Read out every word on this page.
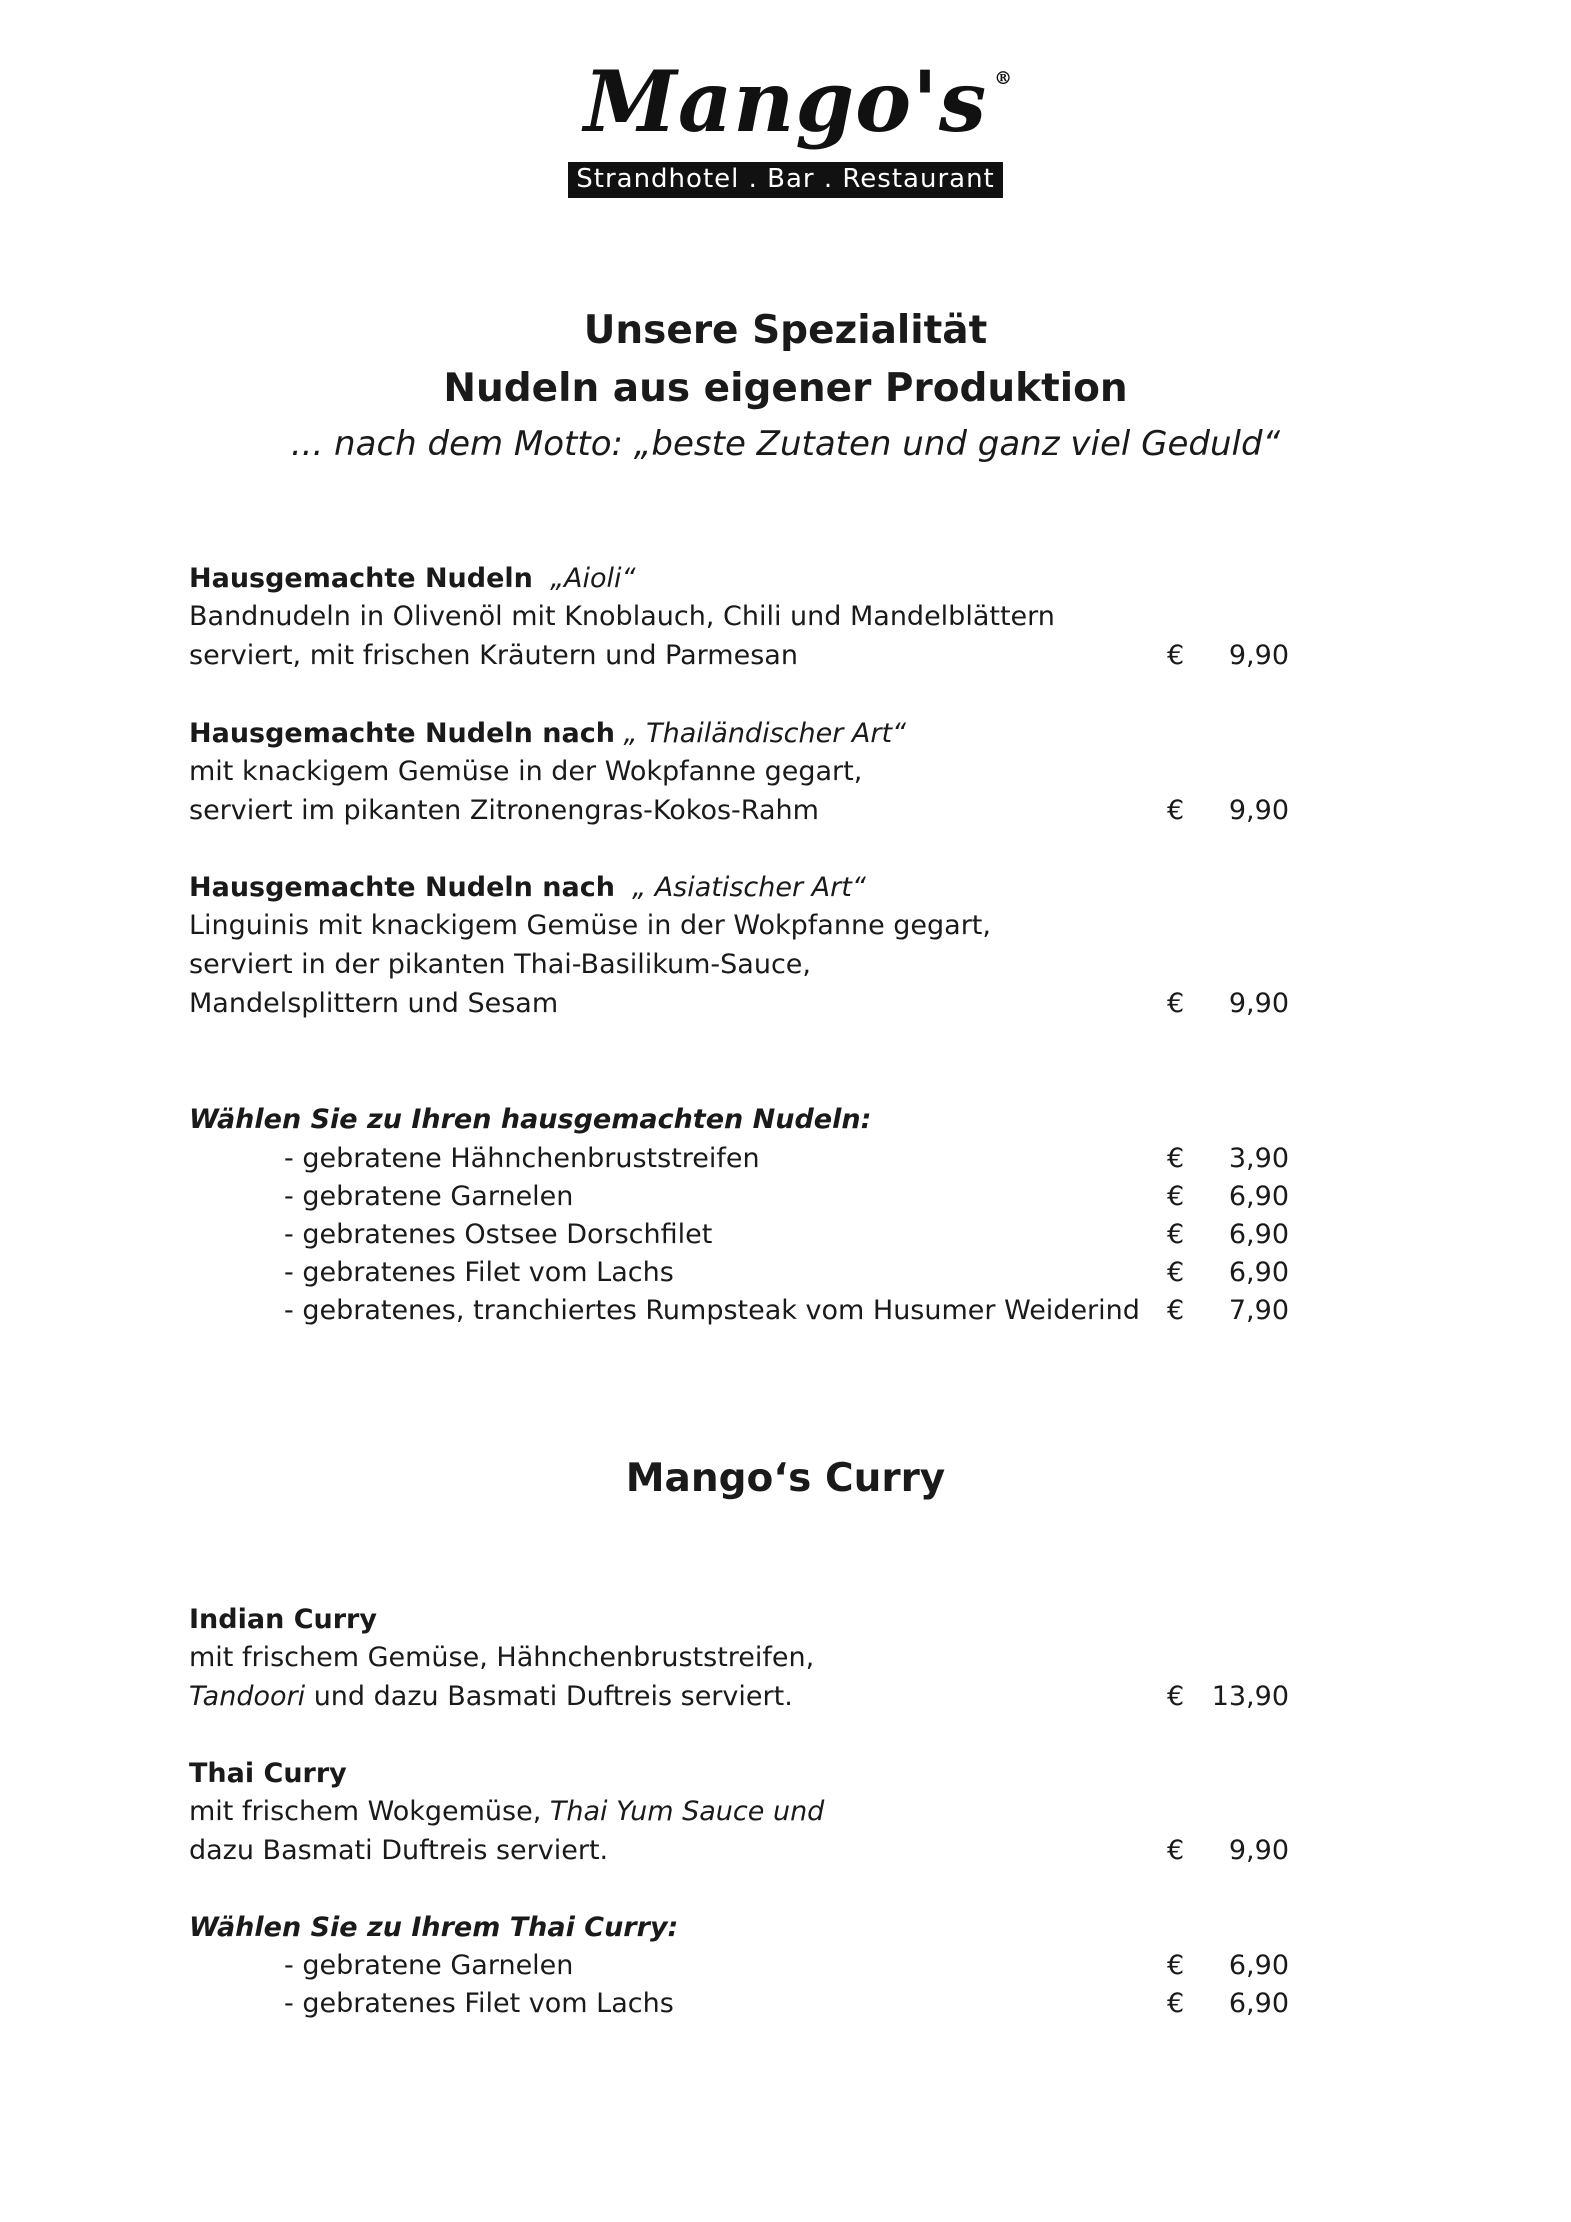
Mango's ®

Strandhotel . Bar . Restaurant
Unsere Spezialität
Nudeln aus eigener Produktion
... nach dem Motto: „beste Zutaten und ganz viel Geduld“
Hausgemachte Nudeln „Aioli“
Bandnudeln in Olivenöl mit Knoblauch, Chili und Mandelblättern
serviert, mit frischen Kräutern und Parmesan	€	9,90
Hausgemachte Nudeln nach „ Thailändischer Art“
mit knackigem Gemüse in der Wokpfanne gegart,
serviert im pikanten Zitronengras-Kokos-Rahm	€	9,90
Hausgemachte Nudeln nach „ Asiatischer Art“
Linguinis mit knackigem Gemüse in der Wokpfanne gegart,
serviert in der pikanten Thai-Basilikum-Sauce,
Mandelsplittern und Sesam	€	9,90
Wählen Sie zu Ihren hausgemachten Nudeln:
- gebratene Hähnchenbruststreifen	€	3,90
- gebratene Garnelen	€	6,90
- gebratenes Ostsee Dorschfilet	€	6,90
- gebratenes Filet vom Lachs	€	6,90
- gebratenes, tranchiertes Rumpsteak vom Husumer Weiderind €	7,90
Mango‘s Curry
Indian Curry
mit frischem Gemüse, Hähnchenbruststreifen,
Tandoori und dazu Basmati Duftreis serviert.	€	13,90
Thai Curry
mit frischem Wokgemüse, Thai Yum Sauce und
dazu Basmati Duftreis serviert.	€	9,90
Wählen Sie zu Ihrem Thai Curry:
- gebratene Garnelen	€	6,90
- gebratenes Filet vom Lachs	€	6,90
